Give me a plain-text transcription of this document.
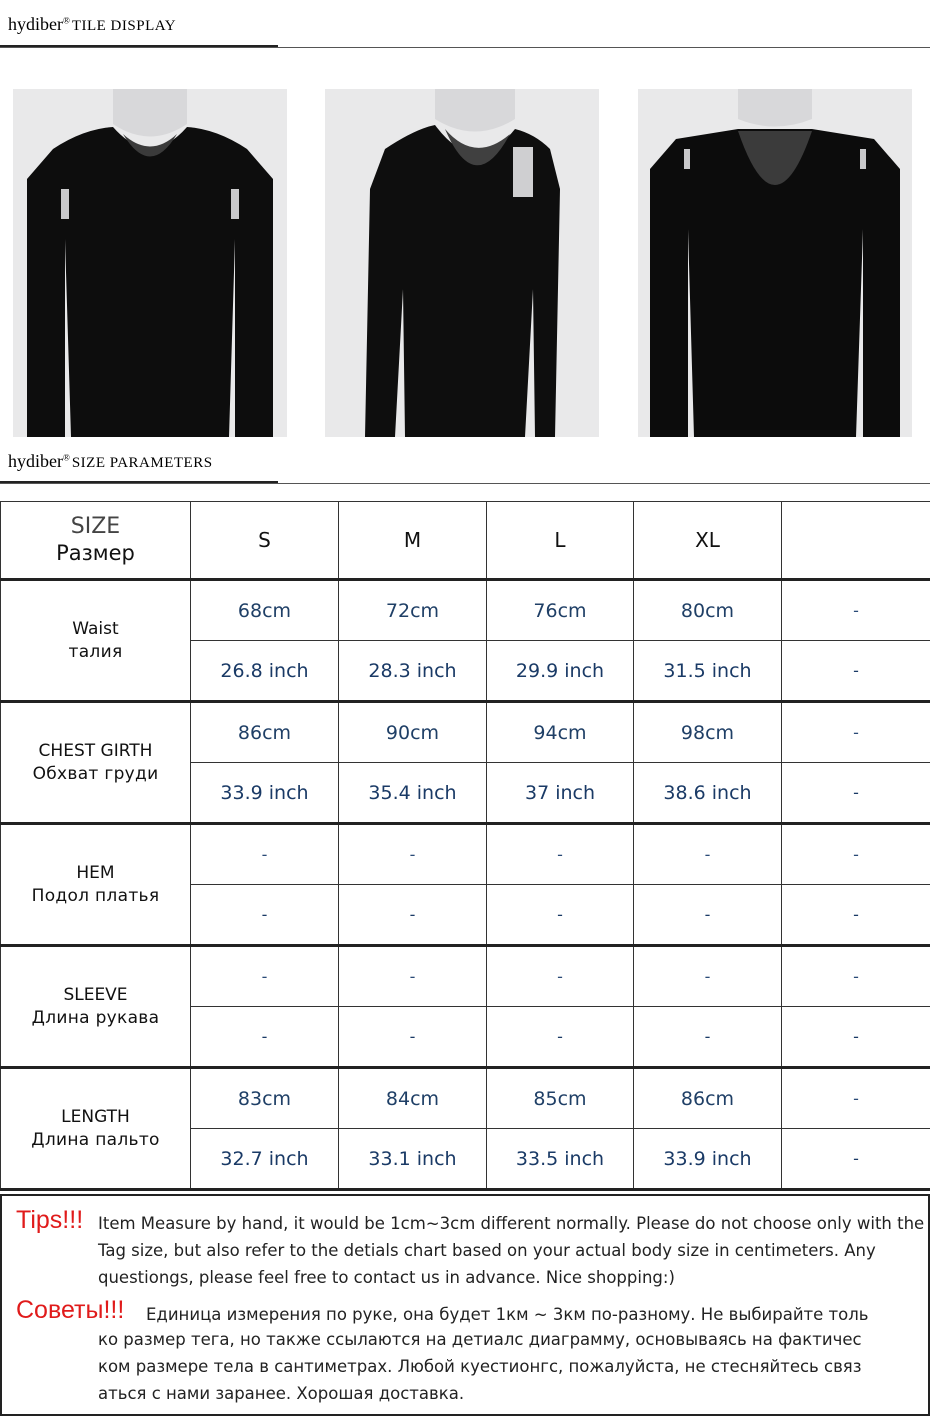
hydiber® TILE DISPLAY
hydiber® SIZE PARAMETERS
SIZE
Размер	S	M	L	XL	

Waist
талия	68cm	72cm	76cm	80cm	-
	26.8 inch	28.3 inch	29.9 inch	31.5 inch	-

CHEST GIRTH
Обхват груди	86cm	90cm	94cm	98cm	-
	33.9 inch	35.4 inch	37 inch	38.6 inch	-

HEM
Подол платья	-	-	-	-	-
	-	-	-	-	-

SLEEVE
Длина рукава	-	-	-	-	-
	-	-	-	-	-

LENGTH
Длина пальто	83cm	84cm	85cm	86cm	-
	32.7 inch	33.1 inch	33.5 inch	33.9 inch	-
Tips!!! Item Measure by hand, it would be 1cm~3cm different normally. Please do not choose only with the
Tag size, but also refer to the detials chart based on your actual body size in centimeters. Any
questiongs, please feel free to contact us in advance. Nice shopping:)
Советы!!! Единица измерения по руке, она будет 1км ~ 3км по-разному. Не выбирайте толь
ко размер тега, но также ссылаются на детиалс диаграмму, основываясь на фактичес
ком размере тела в сантиметрах. Любой куестионгс, пожалуйста, не стесняйтесь связ
аться с нами заранее. Хорошая доставка.
